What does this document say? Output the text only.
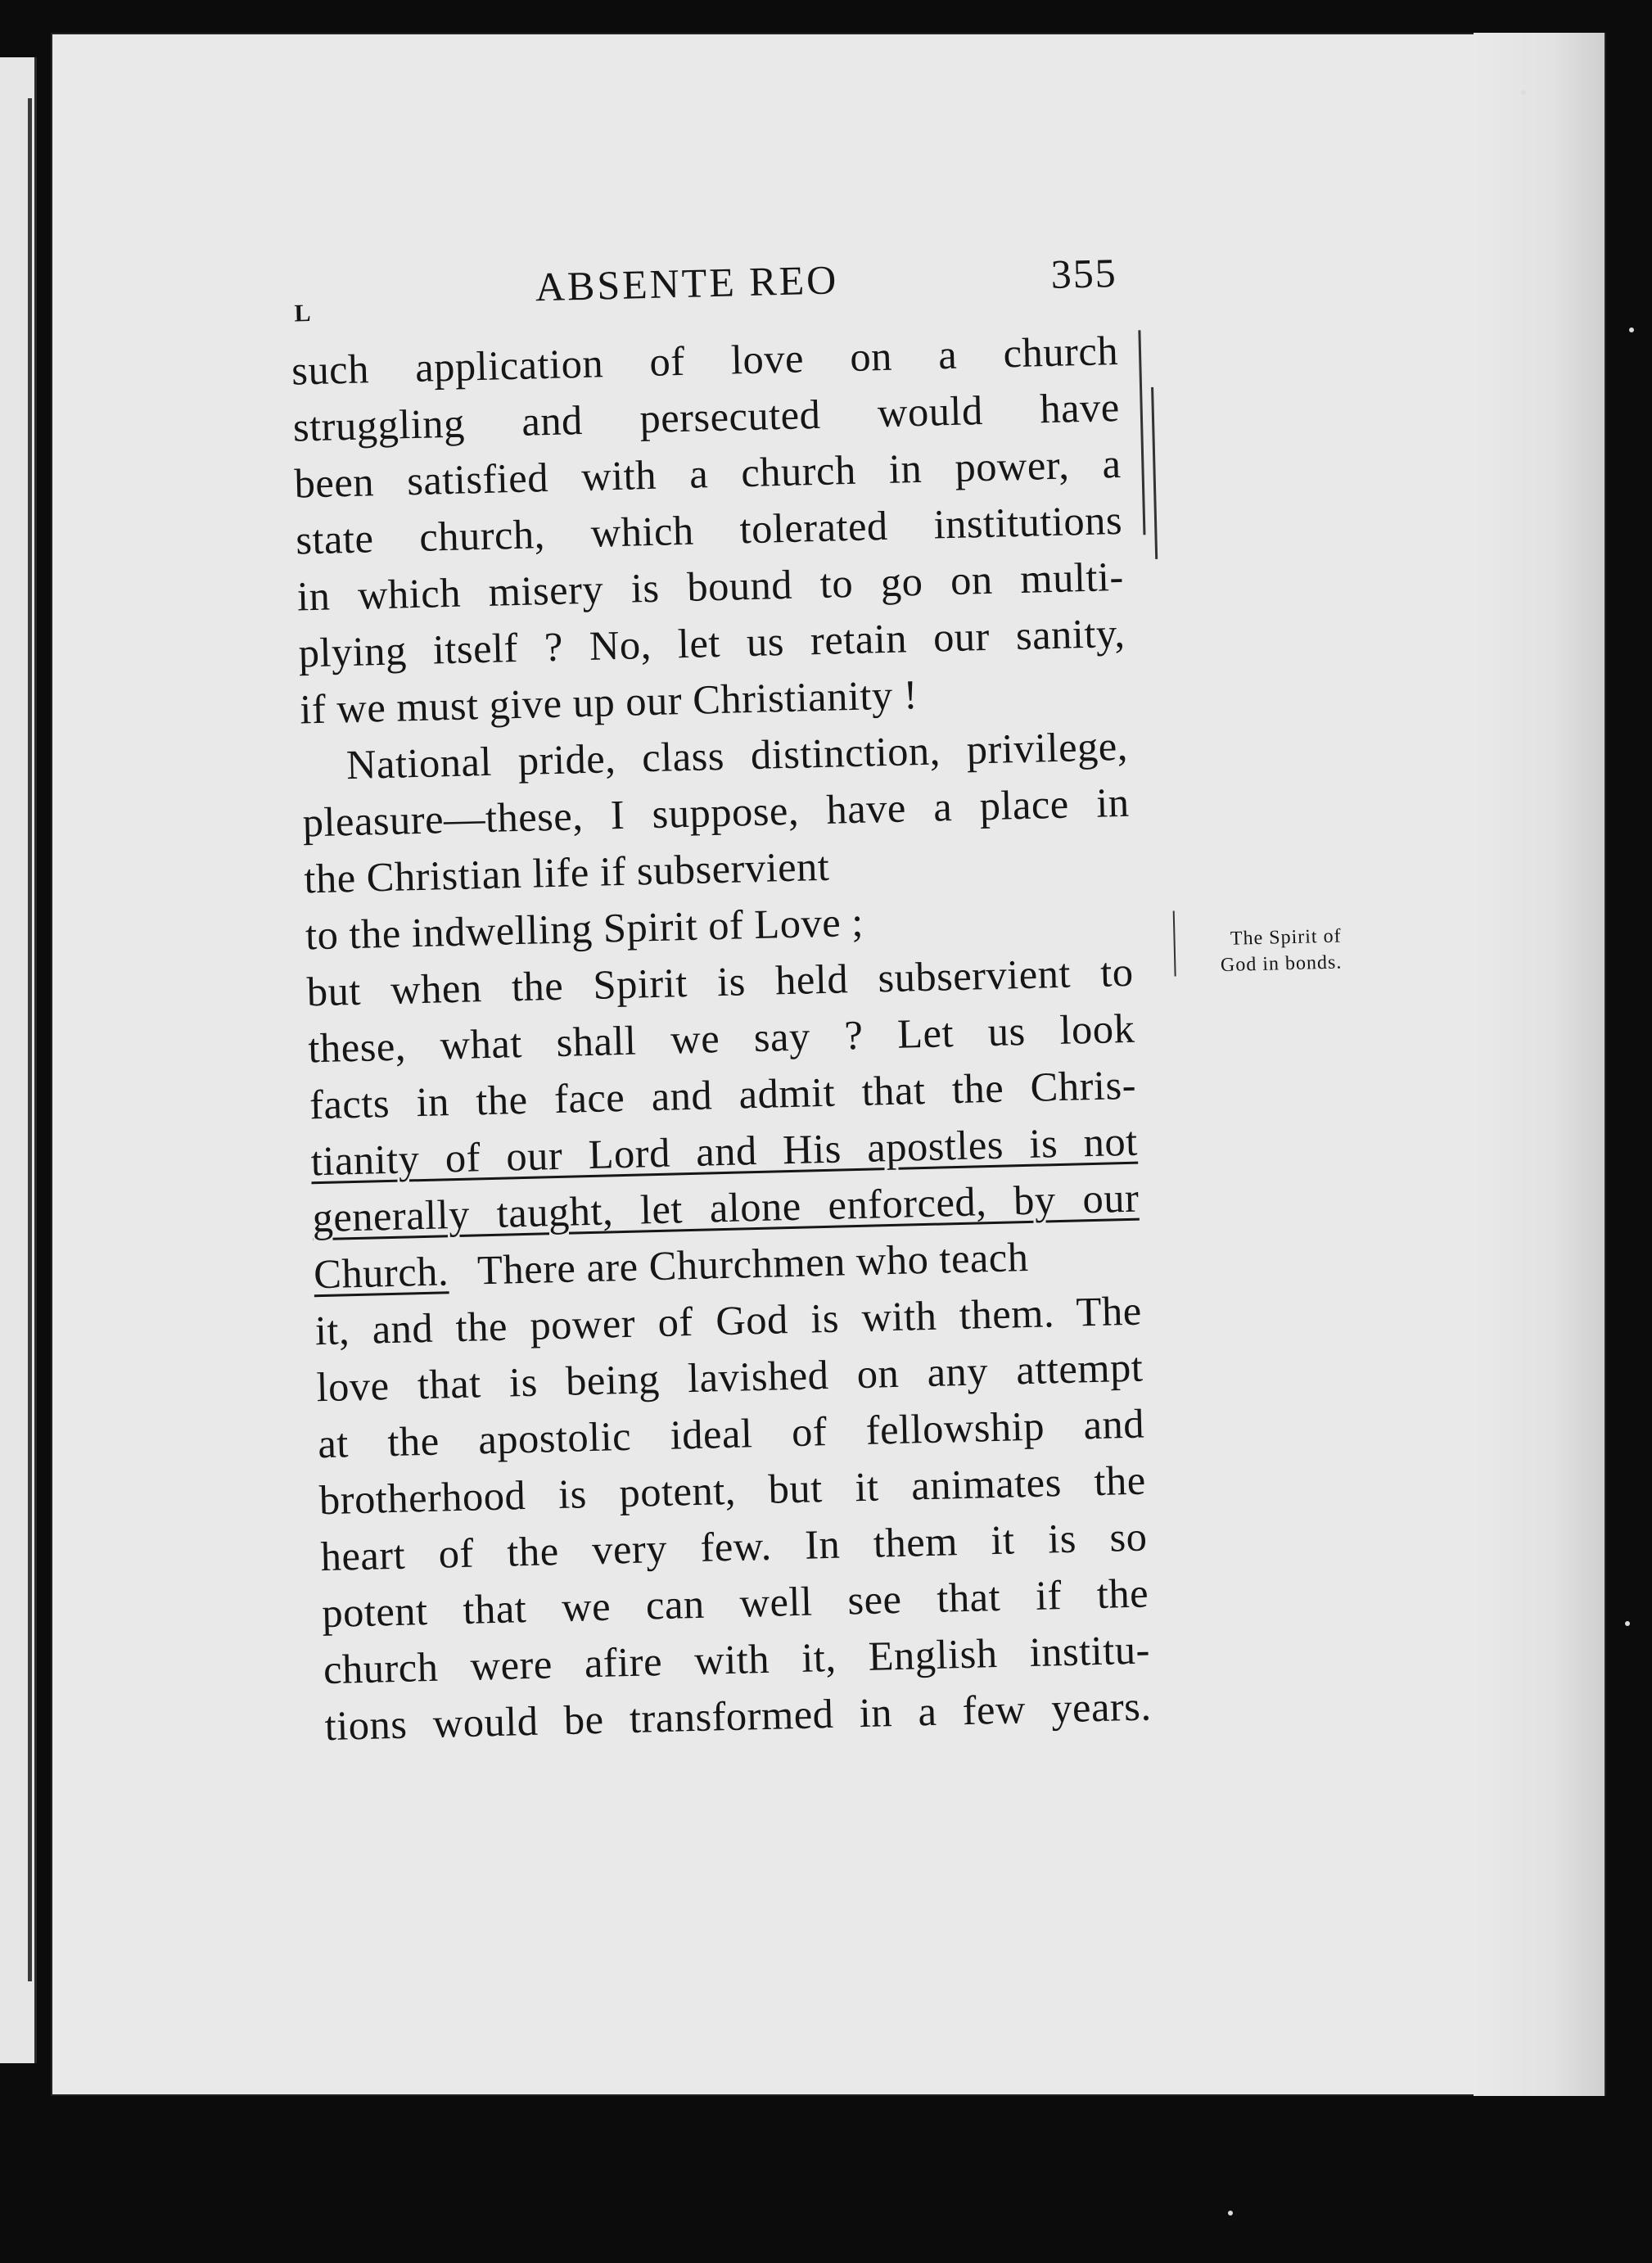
L
ABSENTE REO	355
such application of love on a church
struggling and persecuted would have
been satisfied with a church in power, a
state church, which tolerated institutions
in which misery is bound to go on multi-
plying itself ? No, let us retain our sanity,
if we must give up our Christianity !
National pride, class distinction, privilege,
pleasure—these, I suppose, have a place in
the Christian life if subservient
to the indwelling Spirit of Love ;
but when the Spirit is held subservient to
these, what shall we say ? Let us look
facts in the face and admit that the Chris-
tianity of our Lord and His apostles is not
generally taught, let alone enforced, by our
Church. There are Churchmen who teach
it, and the power of God is with them. The
love that is being lavished on any attempt
at the apostolic ideal of fellowship and
brotherhood is potent, but it animates the
heart of the very few. In them it is so
potent that we can well see that if the
church were afire with it, English institu-
tions would be transformed in a few years.
The Spirit of
God in bonds.
